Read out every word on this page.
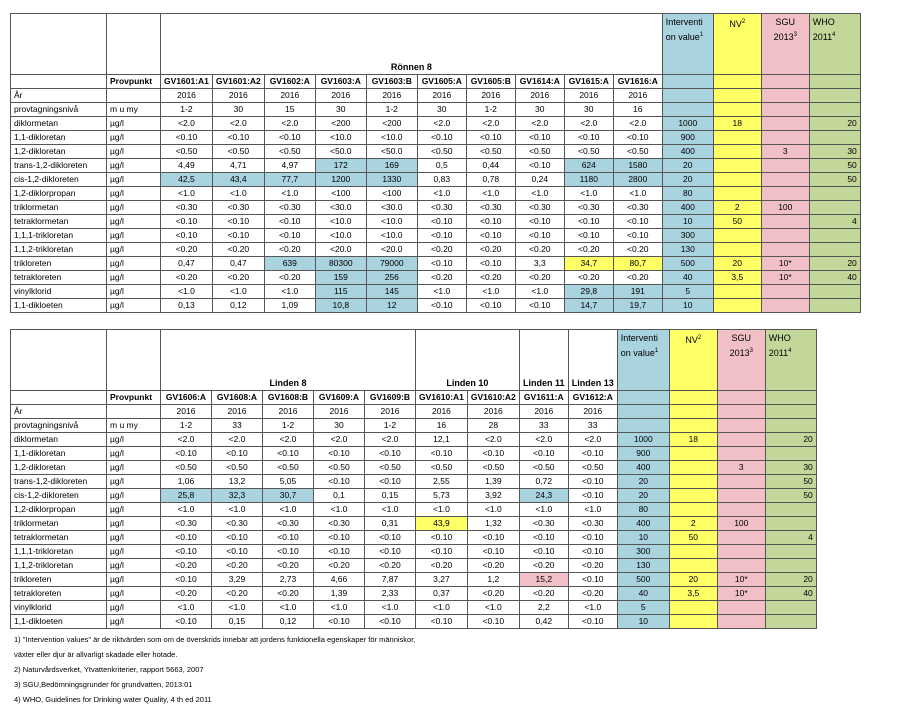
		Rönnen 8										Interventi on value$^1$	$NV^2$	SGU 2013$^3$	WHO 2011$^4$
	Provpunkt	GV1601:A1	GV1601:A2	GV1602:A	GV1603:A	GV1603:B	GV1605:A	GV1605:B	GV1614:A	GV1615:A	GV1616:A				
År		2016	2016	2016	2016	2016	2016	2016	2016	2016	2016				
provtagningsnivå	m u my	1-2	30	15	30	1-2	30	1-2	30	30	16				
diklormetan	µg/l	<2.0	<2.0	<2.0	<200	<200	<2.0	<2.0	<2.0	<2.0	<2.0	1000	18		20
1,1-dikloretan	µg/l	<0.10	<0.10	<0.10	<10.0	<10.0	<0.10	<0.10	<0.10	<0.10	<0.10	900			
1,2-dikloretan	µg/l	<0.50	<0.50	<0.50	<50.0	<50.0	<0.50	<0.50	<0.50	<0.50	<0.50	400		3	30
trans-1,2-dikloreten	µg/l	4,49	4,71	4,97	172	169	0,5	0,44	<0.10	624	1580	20			50
cis-1,2-dikloreten	µg/l	42,5	43,4	77,7	1200	1330	0,83	0,78	0,24	1180	2800	20			50
1,2-diklorpropan	µg/l	<1.0	<1.0	<1.0	<100	<100	<1.0	<1.0	<1.0	<1.0	<1.0	80			
triklormetan	µg/l	<0.30	<0.30	<0.30	<30.0	<30.0	<0.30	<0.30	<0.30	<0.30	<0.30	400	2	100	
tetraklormetan	µg/l	<0.10	<0.10	<0.10	<10.0	<10.0	<0.10	<0.10	<0.10	<0.10	<0.10	10	50		4
1,1,1-trikloretan	µg/l	<0.10	<0.10	<0.10	<10.0	<10.0	<0.10	<0.10	<0.10	<0.10	<0.10	300			
1,1,2-trikloretan	µg/l	<0.20	<0.20	<0.20	<20.0	<20.0	<0.20	<0.20	<0.20	<0.20	<0.20	130			
trikloreten	µg/l	0,47	0,47	639	80300	79000	<0.10	<0.10	3,3	34,7	80,7	500	20	10*	20
tetrakloreten	µg/l	<0.20	<0.20	<0.20	159	256	<0.20	<0.20	<0.20	<0.20	<0.20	40	3,5	10*	40
vinylklorid	µg/l	<1.0	<1.0	<1.0	115	145	<1.0	<1.0	<1.0	29,8	191	5			
1,1-dikloeten	µg/l	0,13	0,12	1,09	10,8	12	<0.10	<0.10	<0.10	14,7	19,7	10			
		Linden 8					Linden 10		Linden 11	Linden 13	Interventi on value$^1$	$NV^2$	SGU 2013$^3$	WHO 2011$^4$
	Provpunkt	GV1606:A	GV1608:A	GV1608:B	GV1609:A	GV1609:B	GV1610:A1	GV1610:A2	GV1611:A	GV1612:A				
År		2016	2016	2016	2016	2016	2016	2016	2016	2016				
provtagningsnivå	m u my	1-2	33	1-2	30	1-2	16	28	33	33				
diklormetan	µg/l	<2.0	<2.0	<2.0	<2.0	<2.0	12,1	<2.0	<2.0	<2.0	1000	18		20
1,1-dikloretan	µg/l	<0.10	<0.10	<0.10	<0.10	<0.10	<0.10	<0.10	<0.10	<0.10	900			
1,2-dikloretan	µg/l	<0.50	<0.50	<0.50	<0.50	<0.50	<0.50	<0.50	<0.50	<0.50	400		3	30
trans-1,2-dikloreten	µg/l	1,06	13,2	5,05	<0.10	<0.10	2,55	1,39	0,72	<0.10	20			50
cis-1,2-dikloreten	µg/l	25,8	32,3	30,7	0,1	0,15	5,73	3,92	24,3	<0.10	20			50
1,2-diklorpropan	µg/l	<1.0	<1.0	<1.0	<1.0	<1.0	<1.0	<1.0	<1.0	<1.0	80			
triklormetan	µg/l	<0.30	<0.30	<0.30	<0.30	0,31	43,9	1,32	<0.30	<0.30	400	2	100	
tetraklormetan	µg/l	<0.10	<0.10	<0.10	<0.10	<0.10	<0.10	<0.10	<0.10	<0.10	10	50		4
1,1,1-trikloretan	µg/l	<0.10	<0.10	<0.10	<0.10	<0.10	<0.10	<0.10	<0.10	<0.10	300			
1,1,2-trikloretan	µg/l	<0.20	<0.20	<0.20	<0.20	<0.20	<0.20	<0.20	<0.20	<0.20	130			
trikloreten	µg/l	<0.10	3,29	2,73	4,66	7,87	3,27	1,2	15,2	<0.10	500	20	10*	20
tetrakloreten	µg/l	<0.20	<0.20	<0.20	1,39	2,33	0,37	<0.20	<0.20	<0.20	40	3,5	10*	40
vinylklorid	µg/l	<1.0	<1.0	<1.0	<1.0	<1.0	<1.0	<1.0	2,2	<1.0	5			
1,1-dikloeten	µg/l	<0.10	0,15	0,12	<0.10	<0.10	<0.10	<0.10	0,42	<0.10	10			
1) "Intervention values" är de riktvärden som om de överskrids innebär att jordens funktionella egenskaper för människor,
växter eller djur är allvarligt skadade eller hotade.
2) Naturvårdsverket, Ytvattenkriterier, rapport 5663, 2007
3) SGU,Bedömningsgrunder för grundvatten, 2013:01
4) WHO, Guidelines for Drinking water Quality, 4 th ed 2011
